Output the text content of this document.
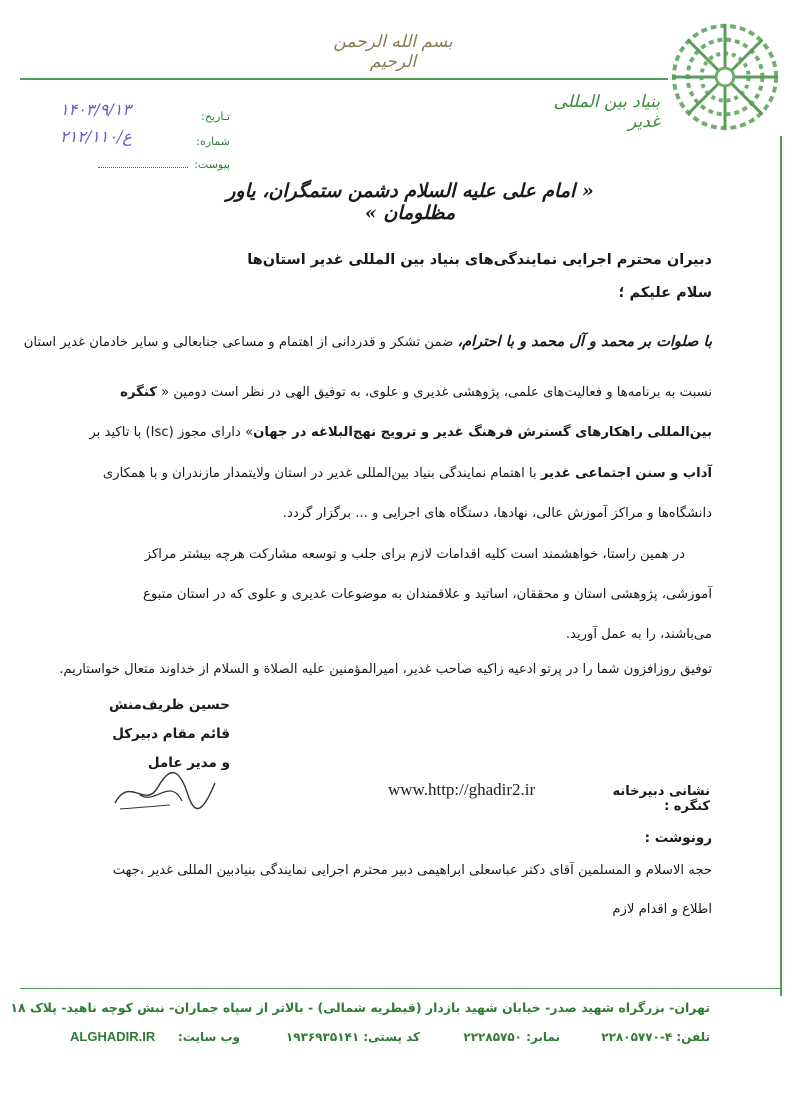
بسم الله الرحمن الرحیم
بنیاد بین المللی غدیر
تـاریخ:
۱۴۰۳/۹/۱۳
شماره:
۲۱۲/۱۱۰/ع
پیوست:
« امام علی علیه السلام دشمن ستمگران، یاور مظلومان »
دبیران محترم اجرایی نمایندگی‌های بنیاد بین المللی غدیر استان‌ها
سلام علیکم ؛
با صلوات بر محمد و آل محمد و با احترام، ضمن تشکر و قدردانی از اهتمام و مساعی جنابعالی و سایر خادمان غدیر استان
نسبت به برنامه‌ها و فعالیت‌های علمی، پژوهشی غدیری و علوی، به توفیق الهی در نظر است دومین « کنگره
بین‌المللی راهکارهای گسترش فرهنگ غدیر و ترویج نهج‌البلاغه در جهان» دارای مجوز (Isc) با تاکید بر
آداب و سنن اجتماعی غدیر با اهتمام نمایندگی بنیاد بین‌المللی غدیر در استان ولایتمدار مازندران و با همکاری
دانشگاه‌ها و مراکز آموزش عالی، نهادها، دستگاه های اجرایی و ... برگزار گردد.
در همین راستا، خواهشمند است کلیه اقدامات لازم برای جلب و توسعه مشارکت هرچه بیشتر مراکز
آموزشی، پژوهشی استان و محققان، اساتید و علاقمندان به موضوعات غدیری و علوی که در استان متبوع
می‌باشند، را به عمل آورید.
توفیق روزافزون شما را در پرتو ادعیه زاکیه صاحب غدیر، امیرالمؤمنین علیه الصلاة و السلام از خداوند متعال خواستاریم.
حسین ظریف‌منش
قائم مقام دبیرکل
و مدیر عامل
نشانی دبیرخانه کنگره :
www.http://ghadir2.ir
رونوشت :
حجه الاسلام و المسلمین آقای دکتر عباسعلی ابراهیمی دبیر محترم اجرایی نمایندگی بنیادبین المللی غدیر ،جهت
اطلاع و اقدام لازم
تهران- بزرگراه شهید صدر- خیابان شهید بازدار (قیطریه شمالی) - بالاتر از سپاه جماران- نبش کوچه ناهید- پلاک ۱۸
تلفن: ۴-۲۲۸۰۵۷۷۰
نمابر: ۲۲۲۸۵۷۵۰
کد پستی: ۱۹۳۶۹۳۵۱۴۱
وب سایت:
ALGHADIR.IR
